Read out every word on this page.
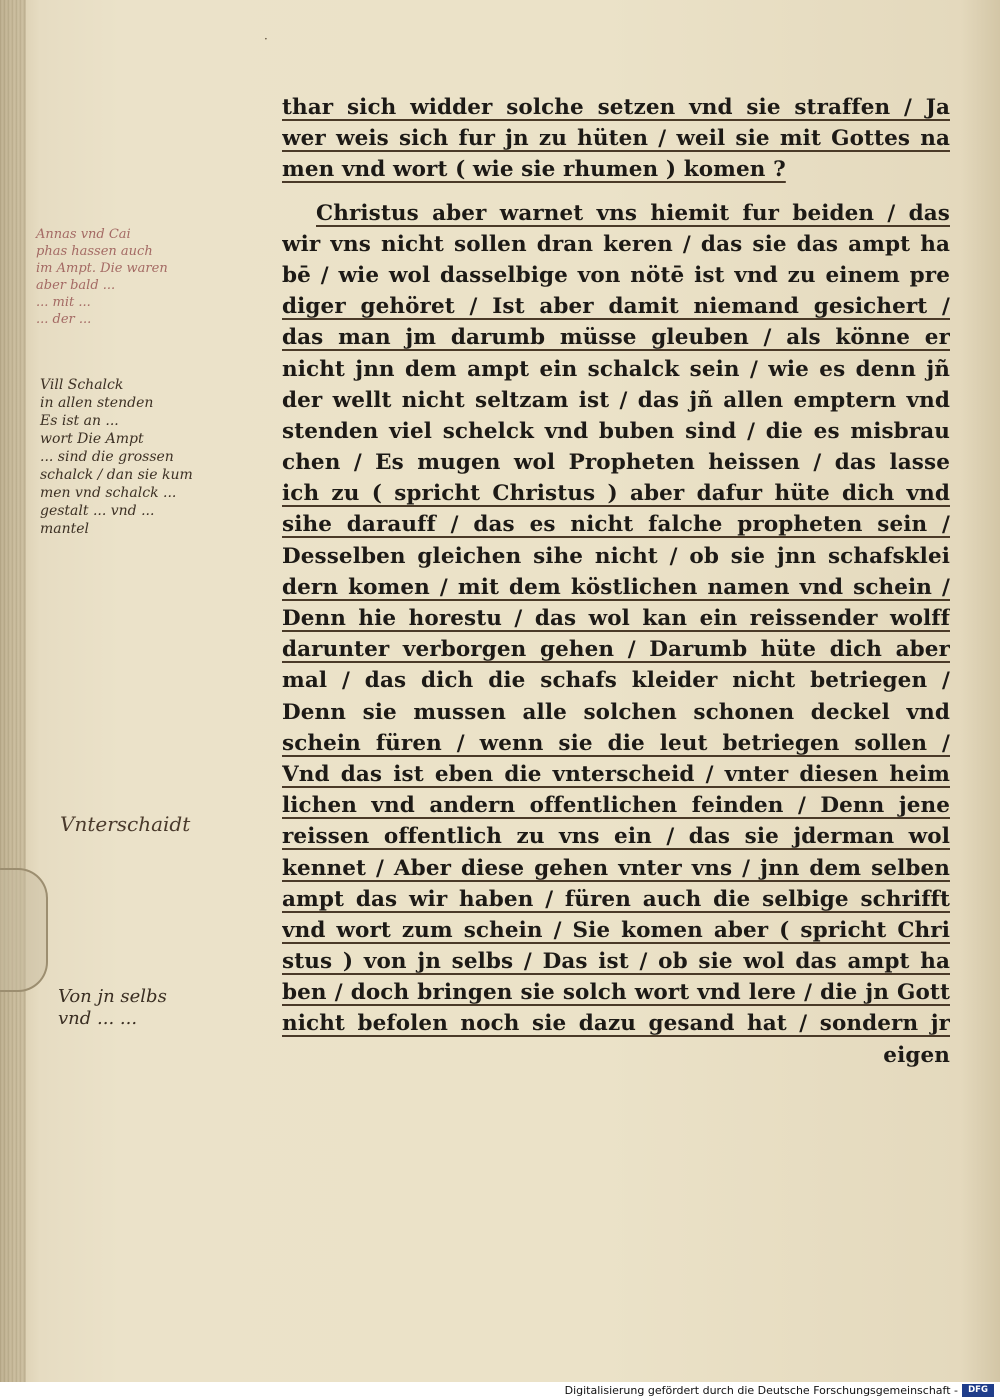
·
Annas vnd Cai
phas hassen auch
im Ampt. Die waren
aber bald ...
... mit ...
... der ...
Vill Schalck
in allen stenden
Es ist an ...
wort Die Ampt
... sind die grossen
schalck / dan sie kum
men vnd schalck ...
gestalt ... vnd ...
mantel
Vnterschaidt
Von jn selbs
vnd ... ...
thar sich widder solche setzen vnd sie straffen / Ja
wer weis sich fur jn zu hüten / weil sie mit Gottes na
men vnd wort ( wie sie rhumen ) komen ?
Christus aber warnet vns hiemit fur beiden / das
wir vns nicht sollen dran keren / das sie das ampt ha
bē / wie wol dasselbige von nötē ist vnd zu einem pre
diger gehöret / Ist aber damit niemand gesichert /
das man jm darumb müsse gleuben / als könne er
nicht jnn dem ampt ein schalck sein / wie es denn jñ
der wellt nicht seltzam ist / das jñ allen emptern vnd
stenden viel schelck vnd buben sind / die es misbrau
chen / Es mugen wol Propheten heissen / das lasse
ich zu ( spricht Christus ) aber dafur hüte dich vnd
sihe darauff / das es nicht falche propheten sein /
Desselben gleichen sihe nicht / ob sie jnn schafsklei
dern komen / mit dem köstlichen namen vnd schein /
Denn hie horestu / das wol kan ein reissender wolff
darunter verborgen gehen / Darumb hüte dich aber
mal / das dich die schafs kleider nicht betriegen /
Denn sie mussen alle solchen schonen deckel vnd
schein füren / wenn sie die leut betriegen sollen /
Vnd das ist eben die vnterscheid / vnter diesen heim
lichen vnd andern offentlichen feinden / Denn jene
reissen offentlich zu vns ein / das sie jderman wol
kennet / Aber diese gehen vnter vns / jnn dem selben
ampt das wir haben / füren auch die selbige schrifft
vnd wort zum schein / Sie komen aber ( spricht Chri
stus ) von jn selbs / Das ist / ob sie wol das ampt ha
ben / doch bringen sie solch wort vnd lere / die jn Gott
nicht befolen noch sie dazu gesand hat / sondern jr
eigen
Digitalisierung gefördert durch die Deutsche Forschungsgemeinschaft -	DFG
